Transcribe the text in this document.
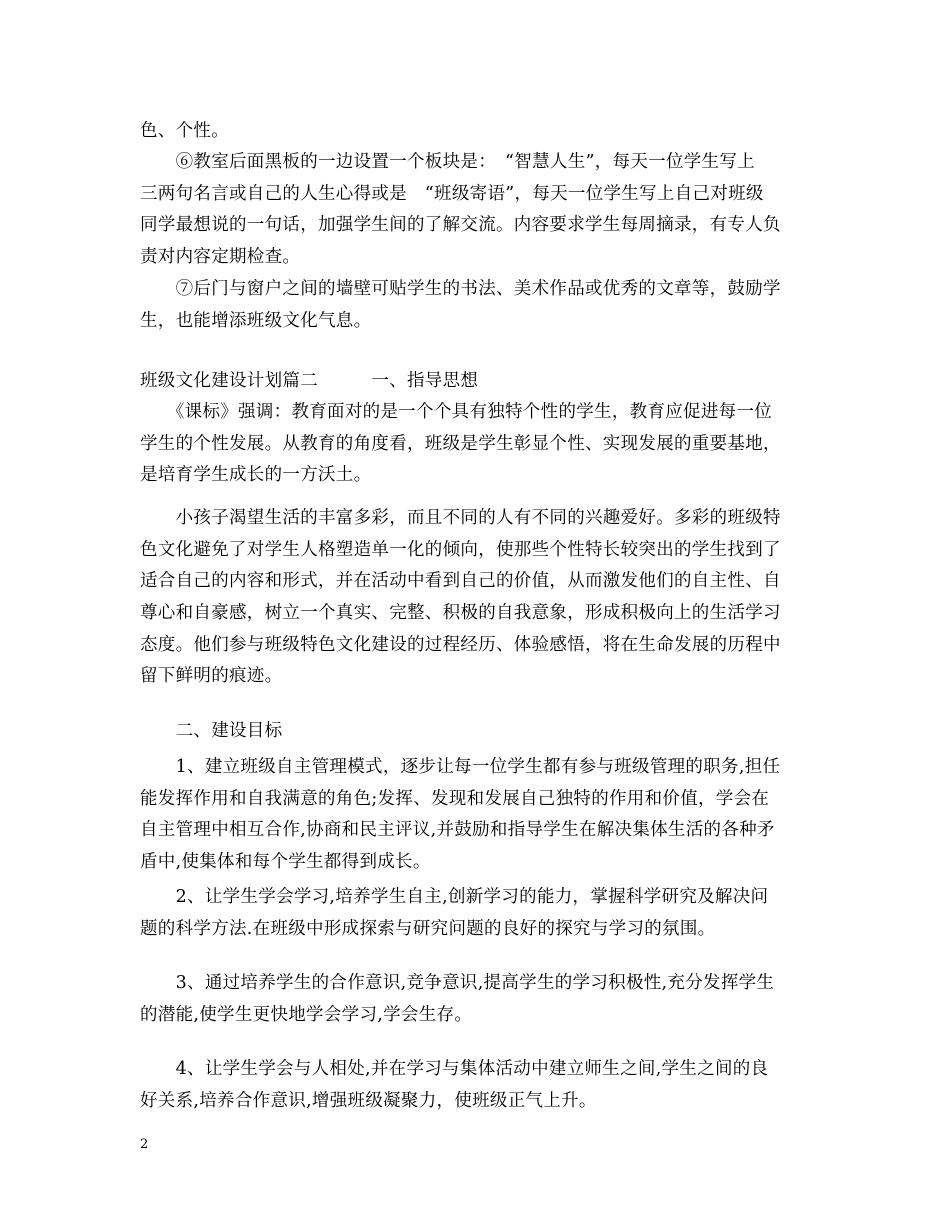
色、个性。
　　⑥教室后面黑板的一边设置一个板块是：　“智慧人生”，每天一位学生写上
三两句名言或自己的人生心得或是　“班级寄语”，每天一位学生写上自己对班级
同学最想说的一句话，加强学生间的了解交流。内容要求学生每周摘录，有专人负
责对内容定期检查。
　　⑦后门与窗户之间的墙壁可贴学生的书法、美术作品或优秀的文章等，鼓励学
生，也能增添班级文化气息。
班级文化建设计划篇二　　　一、指导思想
　　《课标》强调：教育面对的是一个个具有独特个性的学生，教育应促进每一位
学生的个性发展。从教育的角度看，班级是学生彰显个性、实现发展的重要基地，
是培育学生成长的一方沃土。
　　小孩子渴望生活的丰富多彩，而且不同的人有不同的兴趣爱好。多彩的班级特
色文化避免了对学生人格塑造单一化的倾向，使那些个性特长较突出的学生找到了
适合自己的内容和形式，并在活动中看到自己的价值，从而激发他们的自主性、自
尊心和自豪感，树立一个真实、完整、积极的自我意象，形成积极向上的生活学习
态度。他们参与班级特色文化建设的过程经历、体验感悟，将在生命发展的历程中
留下鲜明的痕迹。
　　二、建设目标
　　1、建立班级自主管理模式，逐步让每一位学生都有参与班级管理的职务,担任
能发挥作用和自我满意的角色;发挥、发现和发展自己独特的作用和价值，学会在
自主管理中相互合作,协商和民主评议,并鼓励和指导学生在解决集体生活的各种矛
盾中,使集体和每个学生都得到成长。
　　2、让学生学会学习,培养学生自主,创新学习的能力，掌握科学研究及解决问
题的科学方法.在班级中形成探索与研究问题的良好的探究与学习的氛围。
　　3、通过培养学生的合作意识,竞争意识,提高学生的学习积极性,充分发挥学生
的潜能,使学生更快地学会学习,学会生存。
　　4、让学生学会与人相处,并在学习与集体活动中建立师生之间,学生之间的良
好关系,培养合作意识,增强班级凝聚力，使班级正气上升。
2
